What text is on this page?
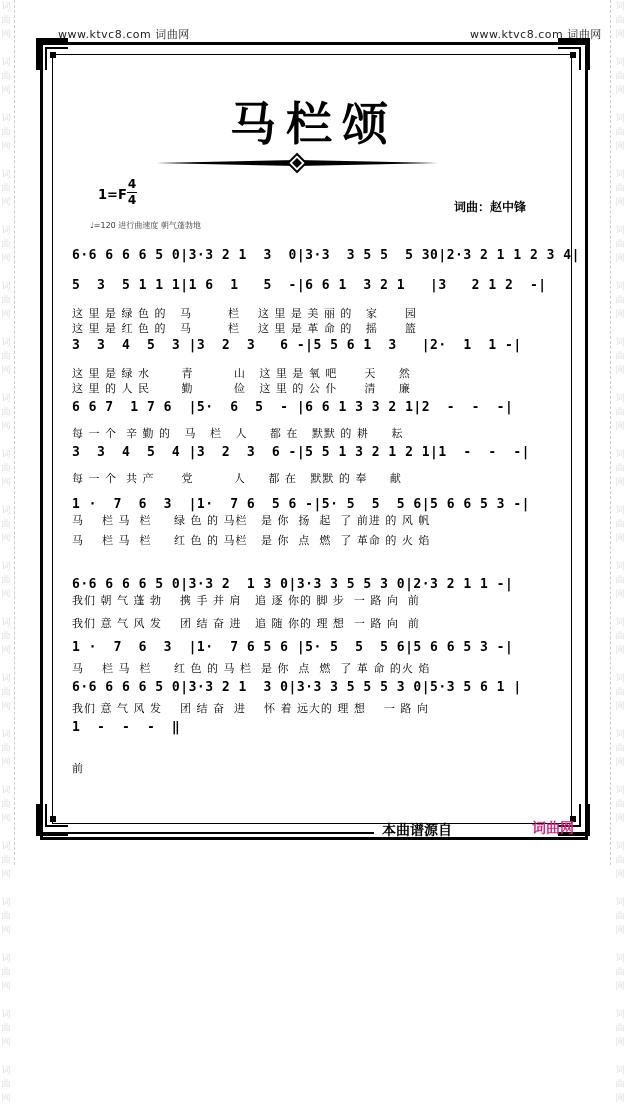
词
曲
网

词
曲
网

词
曲
网

词
曲
网

词
曲
网

词
曲
网

词
曲
网

词
曲
网

词
曲
网

词
曲
网

词
曲
网

词
曲
网

词
曲
网

词
曲
网

词
曲
网

词
曲
网

词
曲
网

词
曲
网

词
曲
网

词
曲
网

词
曲
网

词
曲
网

词
曲
网

词
曲
网

词
曲
网

词
曲
网

词
曲
网

词
曲
网

词
曲
网

词
曲
网

词
曲
网

词
曲
网

词
曲
网

词
曲
网

词
曲
网

词
曲
网

词
曲
网

词
曲
网

词
曲
网

词
曲
网

www.ktvc8.com 词曲网	www.ktvc8.com 词曲网
马栏颂
1=F
4
4	词曲：赵中锋
♩=120 进行曲速度 朝气蓬勃地
6·6 6 6 6 5 0|3·3 2 1  3  0|3·3  3 5 5  5 30|2·3 2 1 1 2 3 4|
5  3  5 1 1 1|1 6  1   5  -|6 6 1  3 2 1   |3   2 1 2  -|
这 里 是 绿 色 的   马        栏    这 里 是 美 丽 的   家      园
这 里 是 红 色 的   马        栏    这 里 是 革 命 的   摇      篮
3  3  4  5  3 |3  2  3   6 -|5 5 6 1  3   |2·  1  1 -|
这 里 是 绿 水       青         山   这 里 是 氧 吧      天     然
这 里 的 人 民       勤         俭   这 里 的 公 仆      清     廉
6 6 7  1 7 6  |5·  6  5  - |6 6 1 3 3 2 1|2  -  -  -|
每 一 个  辛 勤 的   马   栏   人     都 在   默默 的 耕     耘
3  3  4  5  4 |3  2  3  6 -|5 5 1 3 2 1 2 1|1  -  -  -|
每 一 个  共 产      党         人     都 在   默默 的 奉     献
1 ·  7  6  3  |1·  7 6  5 6 -|5· 5  5  5 6|5 6 6 5 3 -|
马    栏 马  栏     绿 色 的 马栏   是 你  扬  起  了 前进 的 风 帆
马    栏 马  栏     红 色 的 马栏   是 你  点  燃  了 革命 的 火 焰
6·6 6 6 6 5 0|3·3 2  1 3 0|3·3 3 5 5 3 0|2·3 2 1 1 -|
我们 朝 气 蓬 勃    携 手 并 肩   追 逐 你的 脚 步  一 路 向  前
我们 意 气 风 发    团 结 奋 进   追 随 你的 理 想  一 路 向  前
1 ·  7  6  3  |1·  7 6 5 6 |5· 5  5  5 6|5 6 6 5 3 -|
马    栏 马  栏     红 色 的 马 栏  是 你  点  燃  了 革 命 的火 焰
6·6 6 6 6 5 0|3·3 2 1  3 0|3·3 3 5 5 5 3 0|5·3 5 6 1 |
我们 意 气 风 发    团 结 奋  进    怀 着 远大的 理 想    一 路 向
1  -  -  -  ‖
前
本曲谱源自	词曲网
